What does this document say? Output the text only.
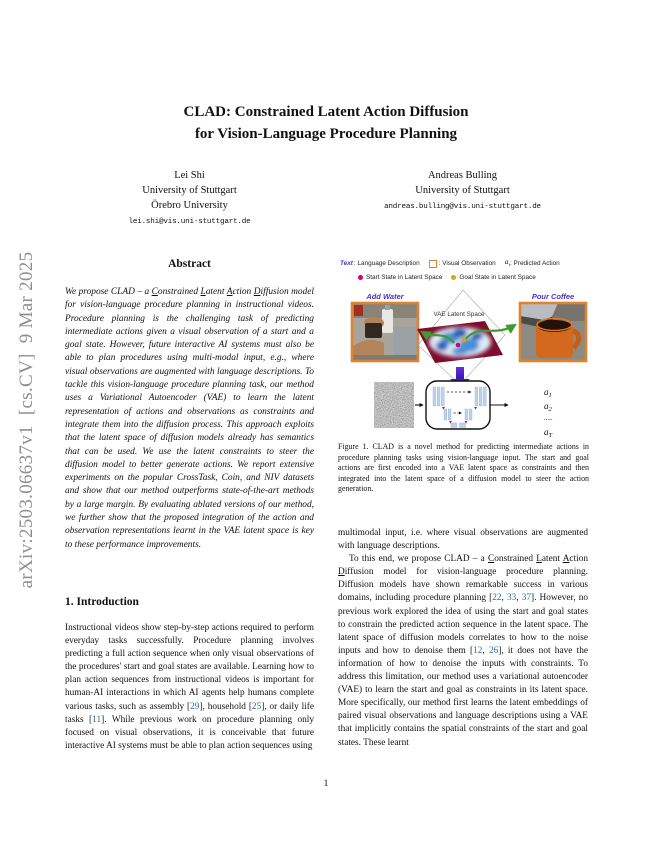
arXiv:2503.06637v1  [cs.CV]  9 Mar 2025
CLAD: Constrained Latent Action Diffusion
for Vision-Language Procedure Planning
Lei Shi
University of Stuttgart
Örebro University
lei.shi@vis.uni-stuttgart.de
Andreas Bulling
University of Stuttgart
andreas.bulling@vis.uni-stuttgart.de
Abstract
We propose CLAD – a Constrained Latent Action Diffusion model for vision-language procedure planning in instructional videos. Procedure planning is the challenging task of predicting intermediate actions given a visual observation of a start and a goal state. However, future interactive AI systems must also be able to plan procedures using multi-modal input, e.g., where visual observations are augmented with language descriptions. To tackle this vision-language procedure planning task, our method uses a Variational Autoencoder (VAE) to learn the latent representation of actions and observations as constraints and integrate them into the diffusion process. This approach exploits that the latent space of diffusion models already has semantics that can be used. We use the latent constraints to steer the diffusion model to better generate actions. We report extensive experiments on the popular CrossTask, Coin, and NIV datasets and show that our method outperforms state-of-the-art methods by a large margin. By evaluating ablated versions of our method, we further show that the proposed integration of the action and observation representations learnt in the VAE latent space is key to these performance improvements.
1. Introduction
Instructional videos show step-by-step actions required to perform everyday tasks successfully. Procedure planning involves predicting a full action sequence when only visual observations of the procedures' start and goal states are available. Learning how to plan action sequences from instructional videos is important for human-AI interactions in which AI agents help humans complete various tasks, such as assembly [29], household [25], or daily life tasks [11]. While previous work on procedure planning only focused on visual observations, it is conceivable that future interactive AI systems must be able to plan action sequences using
Text : Language Description	: Visual Observation $a_i$ : Predicted Action
Start State in Latent Space	Goal State in Latent Space
Add Water	Pour Coffee
VAE Latent Space
$a_1$
$a_2$
.....
$a_T$
Figure 1. CLAD is a novel method for predicting intermediate actions in procedure planning tasks using vision-language input. The start and goal actions are first encoded into a VAE latent space as constraints and then integrated into the latent space of a diffusion model to steer the action generation.

multimodal input, i.e. where visual observations are augmented with language descriptions.

To this end, we propose CLAD – a Constrained Latent Action Diffusion model for vision-language procedure planning. Diffusion models have shown remarkable success in various domains, including procedure planning [22, 33, 37]. However, no previous work explored the idea of using the start and goal states to constrain the predicted action sequence in the latent space. The latent space of diffusion models correlates to how to the noise inputs and how to denoise them [12, 26], it does not have the information of how to denoise the inputs with constraints. To address this limitation, our method uses a variational autoencoder (VAE) to learn the start and goal as constraints in its latent space. More specifically, our method first learns the latent embeddings of paired visual observations and language descriptions using a VAE that implicitly contains the spatial constraints of the start and goal states. These learnt

1
